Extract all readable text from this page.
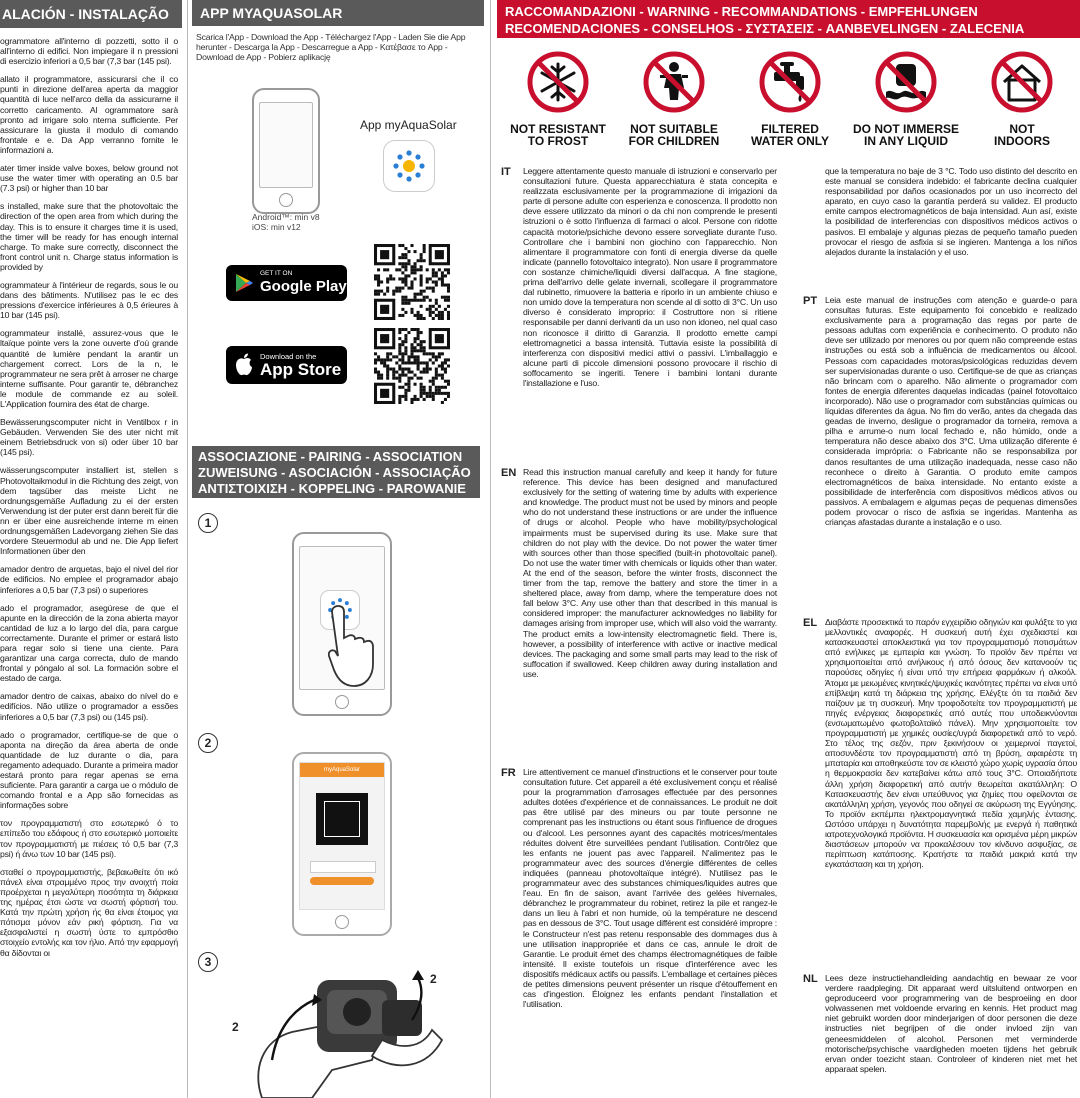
ALACIÓN - INSTALAÇÃO
ogrammatore all'interno di pozzetti, sotto il o all'interno di edifici. Non impiegare il n pressioni di esercizio inferiori a 0,5 bar (7,3 bar (145 psi).
allato il programmatore, assicurarsi che il co punti in direzione dell'area aperta da maggior quantità di luce nell'arco della da assicurarne il corretto caricamento. Al ogrammatore sarà pronto ad irrigare solo nterna sufficiente. Per assicurare la giusta il modulo di comando frontale e e. Da App verranno fornite le informazioni a.
ater timer inside valve boxes, below ground not use the water timer with operating an 0.5 bar (7.3 psi) or higher than 10 bar
s installed, make sure that the photovoltaic the direction of the open area from which during the day. This is to ensure it charges time it is used, the timer will be ready for has enough internal charge. To make sure correctly, disconnect the front control unit n. Charge status information is provided by
ogrammateur à l'intérieur de regards, sous le ou dans des bâtiments. N'utilisez pas le ec des pressions d'exercice inférieures à 0,5 érieures à 10 bar (145 psi).
ogrammateur installé, assurez-vous que le ltaïque pointe vers la zone ouverte d'où grande quantité de lumière pendant la arantir un chargement correct. Lors de la n, le programmateur ne sera prêt à arroser ne charge interne suffisante. Pour garantir te, débranchez le module de commande ez au soleil. L'Application fournira des état de charge.
Bewässerungscomputer nicht in Ventilbox r in Gebäuden. Verwenden Sie des uter nicht mit einem Betriebsdruck von si) oder über 10 bar (145 psi).
wässerungscomputer installiert ist, stellen s Photovoltaikmodul in die Richtung des zeigt, von dem tagsüber das meiste Licht ne ordnungsgemäße Aufladung zu ei der ersten Verwendung ist der puter erst dann bereit für die nn er über eine ausreichende interne m einen ordnungsgemäßen Ladevorgang ziehen Sie das vordere Steuermodul ab und ne. Die App liefert Informationen über den
amador dentro de arquetas, bajo el nivel del rior de edificios. No emplee el programador abajo inferiores a 0,5 bar (7,3 psi) o superiores
ado el programador, asegúrese de que el apunte en la dirección de la zona abierta mayor cantidad de luz a lo largo del día, para cargue correctamente. Durante el primer or estará listo para regar solo si tiene una ciente. Para garantizar una carga correcta, dulo de mando frontal y póngalo al sol. La formación sobre el estado de carga.
amador dentro de caixas, abaixo do nível do e edifícios. Não utilize o programador a essões inferiores a 0,5 bar (7,3 psi) ou (145 psi).
ado o programador, certifique-se de que o aponta na direção da área aberta de onde quantidade de luz durante o dia, para regamento adequado. Durante a primeira mador estará pronto para regar apenas se erna suficiente. Para garantir a carga ue o módulo de comando frontal e a App são fornecidas as informações sobre
τον προγραμματιστή στο εσωτερικό ό το επίπεδο του εδάφους ή στο εσωτερικό μοποιείτε τον προγραμματιστή με πιέσεις τό 0,5 bar (7,3 psi) ή άνω των 10 bar (145 psi).
σταθεί ο προγραμματιστής, βεβαιωθείτε ότι ικό πάνελ είναι στραμμένο προς την ανοιχτή ποία προέρχεται η μεγαλύτερη ποσότητα τη διάρκεια της ημέρας έτσι ώστε να σωστή φόρτισή του. Κατά την πρώτη χρήση ής θα είναι έτοιμος για πότισμα μόνον εάν ρική φόρτιση. Για να εξασφαλιστεί η σωστή ύστε το εμπρόσθιο στοιχείο εντολής και τον ήλιο. Από την εφαρμογή θα δίδονται οι
APP MYAQUASOLAR
Scarica l'App - Download the App - Téléchargez l'App - Laden Sie die App herunter - Descarga la App - Descarregue a App - Κατέβασε το App - Download de App - Pobierz aplikację
Android™: min v8
iOS: min v12
App myAquaSolar
GET IT ON
Google Play
Download on the
App Store
ASSOCIAZIONE - PAIRING - ASSOCIATION
ZUWEISUNG - ASOCIACIÓN - ASSOCIAÇÃO
ΑΝΤΙΣΤΟΙΧΙΣΗ - KOPPELING - PAROWANIE
1
2
myAquaSolar
3
2
2
RACCOMANDAZIONI - WARNING - RECOMMANDATIONS - EMPFEHLUNGEN
RECOMENDACIONES - CONSELHOS - ΣΥΣΤΑΣΕΙΣ - AANBEVELINGEN - ZALECENIA
NOT RESISTANT
TO FROST
NOT SUITABLE
FOR CHILDREN
FILTERED
WATER ONLY
DO NOT IMMERSE
IN ANY LIQUID
NOT
INDOORS
IT Leggere attentamente questo manuale di istruzioni e conservarlo per consultazioni future. Questa apparecchiatura è stata concepita e realizzata esclusivamente per la programmazione di irrigazioni da parte di persone adulte con esperienza e conoscenza. Il prodotto non deve essere utilizzato da minori o da chi non comprende le presenti istruzioni o è sotto l'influenza di farmaci o alcol. Persone con ridotte capacità motorie/psichiche devono essere sorvegliate durante l'uso. Controllare che i bambini non giochino con l'apparecchio. Non alimentare il programmatore con fonti di energia diverse da quelle indicate (pannello fotovoltaico integrato). Non usare il programmatore con sostanze chimiche/liquidi diversi dall'acqua. A fine stagione, prima dell'arrivo delle gelate invernali, scollegare il programmatore dal rubinetto, rimuovere la batteria e riporlo in un ambiente chiuso e non umido dove la temperatura non scende al di sotto di 3°C. Un uso diverso è considerato improprio: il Costruttore non si ritiene responsabile per danni derivanti da un uso non idoneo, nel qual caso non riconosce il diritto di Garanzia. Il prodotto emette campi elettromagnetici a bassa intensità. Tuttavia esiste la possibilità di interferenza con dispositivi medici attivi o passivi. L'imballaggio e alcune parti di piccole dimensioni possono provocare il rischio di soffocamento se ingeriti. Tenere i bambini lontani durante l'installazione e l'uso.
EN Read this instruction manual carefully and keep it handy for future reference. This device has been designed and manufactured exclusively for the setting of watering time by adults with experience and knowledge. The product must not be used by minors and people who do not understand these instructions or are under the influence of drugs or alcohol. People who have mobility/psychological impairments must be supervised during its use. Make sure that children do not play with the device. Do not power the water timer with sources other than those specified (built-in photovoltaic panel). Do not use the water timer with chemicals or liquids other than water. At the end of the season, before the winter frosts, disconnect the timer from the tap, remove the battery and store the timer in a sheltered place, away from damp, where the temperature does not fall below 3°C. Any use other than that described in this manual is considered improper: the manufacturer acknowledges no liability for damages arising from improper use, which will also void the warranty. The product emits a low-intensity electromagnetic field. There is, however, a possibility of interference with active or inactive medical devices. The packaging and some small parts may lead to the risk of suffocation if swallowed. Keep children away during installation and use.
FR Lire attentivement ce manuel d'instructions et le conserver pour toute consultation future. Cet appareil a été exclusivement conçu et réalisé pour la programmation d'arrosages effectuée par des personnes adultes dotées d'expérience et de connaissances. Le produit ne doit pas être utilisé par des mineurs ou par toute personne ne comprenant pas les instructions ou étant sous l'influence de drogues ou d'alcool. Les personnes ayant des capacités motrices/mentales réduites doivent être surveillées pendant l'utilisation. Contrôlez que les enfants ne jouent pas avec l'appareil. N'alimentez pas le programmateur avec des sources d'énergie différentes de celles indiquées (panneau photovoltaïque intégré). N'utilisez pas le programmateur avec des substances chimiques/liquides autres que l'eau. En fin de saison, avant l'arrivée des gelées hivernales, débranchez le programmateur du robinet, retirez la pile et rangez-le dans un lieu à l'abri et non humide, où la température ne descend pas en dessous de 3°C. Tout usage différent est considéré impropre : le Constructeur n'est pas retenu responsable des dommages dus à une utilisation inappropriée et dans ce cas, annule le droit de Garantie. Le produit émet des champs électromagnétiques de faible intensité. Il existe toutefois un risque d'interférence avec les dispositifs médicaux actifs ou passifs. L'emballage et certaines pièces de petites dimensions peuvent présenter un risque d'étouffement en cas d'ingestion. Éloignez les enfants pendant l'installation et l'utilisation.
que la temperatura no baje de 3 °C. Todo uso distinto del descrito en este manual se considera indebido: el fabricante declina cualquier responsabilidad por daños ocasionados por un uso incorrecto del aparato, en cuyo caso la garantía perderá su validez. El producto emite campos electromagnéticos de baja intensidad. Aun así, existe la posibilidad de interferencias con dispositivos médicos activos o pasivos. El embalaje y algunas piezas de pequeño tamaño pueden provocar el riesgo de asfixia si se ingieren. Mantenga a los niños alejados durante la instalación y el uso.
PT Leia este manual de instruções com atenção e guarde-o para consultas futuras. Este equipamento foi concebido e realizado exclusivamente para a programação das regas por parte de pessoas adultas com experiência e conhecimento. O produto não deve ser utilizado por menores ou por quem não compreende estas instruções ou está sob a influência de medicamentos ou álcool. Pessoas com capacidades motoras/psicológicas reduzidas devem ser supervisionadas durante o uso. Certifique-se de que as crianças não brincam com o aparelho. Não alimente o programador com fontes de energia diferentes daquelas indicadas (painel fotovoltaico incorporado). Não use o programador com substâncias químicas ou líquidas diferentes da água. No fim do verão, antes da chegada das geadas de inverno, desligue o programador da torneira, remova a pilha e arrume-o num local fechado e, não húmido, onde a temperatura não desce abaixo dos 3°C. Uma utilização diferente é considerada imprópria: o Fabricante não se responsabiliza por danos resultantes de uma utilização inadequada, nesse caso não reconhece o direito à Garantia. O produto emite campos electromagnéticos de baixa intensidade. No entanto existe a possibilidade de interferência com dispositivos médicos ativos ou passivos. A embalagem e algumas peças de pequenas dimensões podem provocar o risco de asfixia se ingeridas. Mantenha as crianças afastadas durante a instalação e o uso.
EL Διαβάστε προσεκτικά το παρόν εγχειρίδιο οδηγιών και φυλάξτε το για μελλοντικές αναφορές. Η συσκευή αυτή έχει σχεδιαστεί και κατασκευαστεί αποκλειστικά για τον προγραμματισμό ποτισμάτων από ενήλικες με εμπειρία και γνώση. Το προϊόν δεν πρέπει να χρησιμοποιείται από ανήλικους ή από όσους δεν κατανοούν τις παρούσες οδηγίες ή είναι υπό την επήρεια φαρμάκων ή αλκοόλ. Άτομα με μειωμένες κινητικές/ψυχικές ικανότητες πρέπει να είναι υπό επίβλεψη κατά τη διάρκεια της χρήσης. Ελέγξτε ότι τα παιδιά δεν παίζουν με τη συσκευή. Μην τροφοδοτείτε τον προγραμματιστή με πηγές ενέργειας διαφορετικές από αυτές που υποδεικνύονται (ενσωματωμένο φωτοβολταϊκό πάνελ). Μην χρησιμοποιείτε τον προγραμματιστή με χημικές ουσίες/υγρά διαφορετικά από το νερό. Στο τέλος της σεζόν, πριν ξεκινήσουν οι χειμερινοί παγετοί, αποσυνδέστε τον προγραμματιστή από τη βρύση, αφαιρέστε τη μπαταρία και αποθηκεύστε τον σε κλειστό χώρο χωρίς υγρασία όπου η θερμοκρασία δεν κατεβαίνει κάτω από τους 3°C. Οποιαδήποτε άλλη χρήση διαφορετική από αυτήν θεωρείται ακατάλληλη: Ο Κατασκευαστής δεν είναι υπεύθυνος για ζημίες που οφείλονται σε ακατάλληλη χρήση, γεγονός που οδηγεί σε ακύρωση της Εγγύησης. Το προϊόν εκπέμπει ηλεκτρομαγνητικά πεδία χαμηλής έντασης. Ωστόσο υπάρχει η δυνατότητα παρεμβολής με ενεργά ή παθητικά ιατροτεχνολογικά προϊόντα. Η συσκευασία και ορισμένα μέρη μικρών διαστάσεων μπορούν να προκαλέσουν τον κίνδυνο ασφυξίας, σε περίπτωση κατάποσης. Κρατήστε τα παιδιά μακριά κατά την εγκατάσταση και τη χρήση.
NL Lees deze instructiehandleiding aandachtig en bewaar ze voor verdere raadpleging. Dit apparaat werd uitsluitend ontworpen en geproduceerd voor programmering van de besproeiing en door volwassenen met voldoende ervaring en kennis. Het product mag niet gebruikt worden door minderjarigen of door personen die deze instructies niet begrijpen of die onder invloed zijn van geneesmiddelen of alcohol. Personen met verminderde motorische/psychische vaardigheden moeten tijdens het gebruik ervan onder toezicht staan. Controleer of kinderen niet met het apparaat spelen.
